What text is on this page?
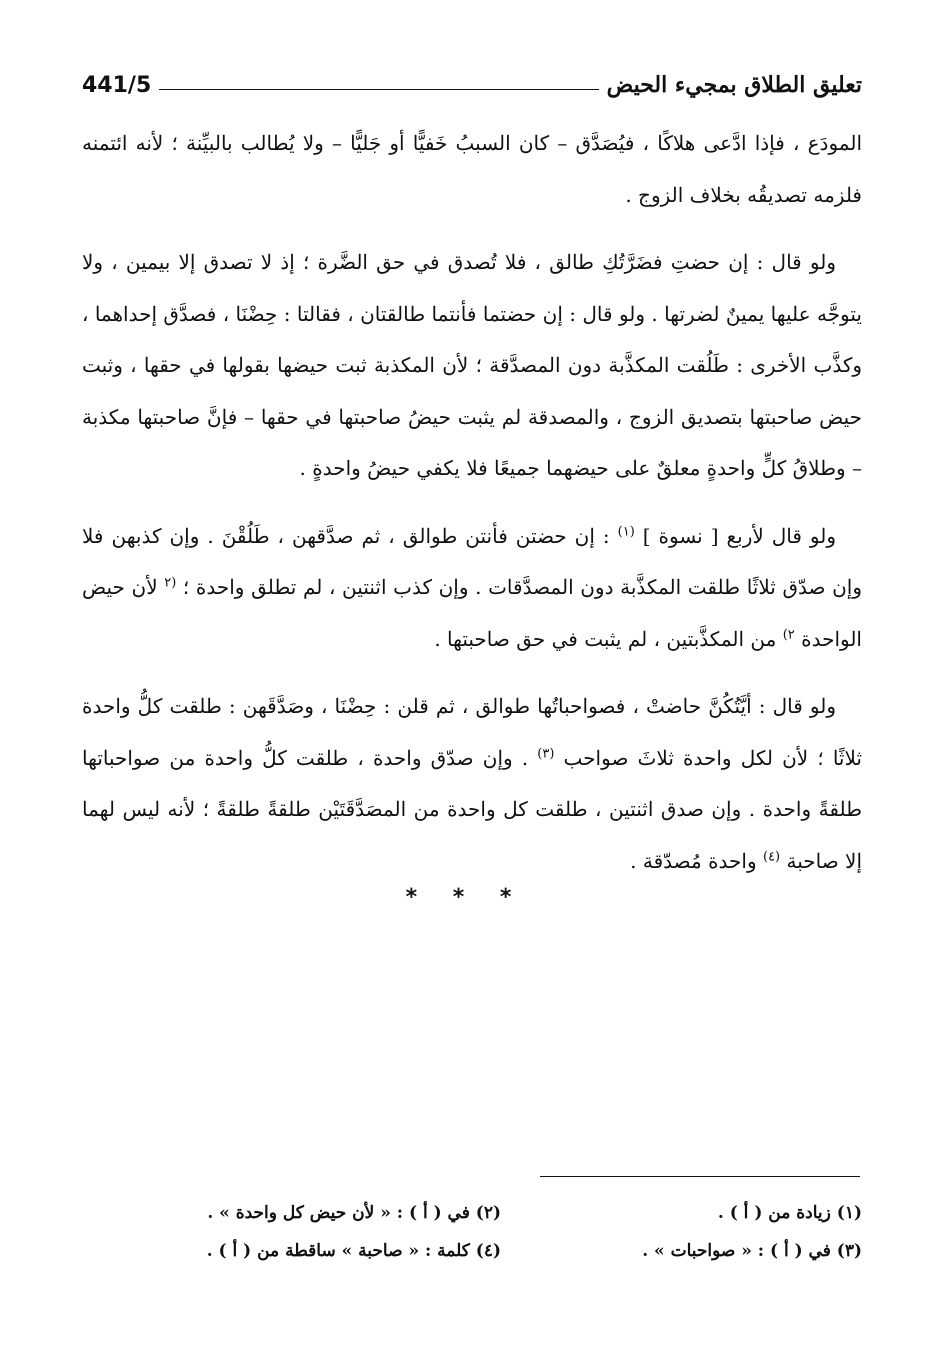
تعليق الطلاق بمجيء الحيض
441/5

المودَع ، فإذا ادَّعى هلاكًا ، فيُصَدَّق – كان السببُ خَفيًّا أو جَليًّا – ولا يُطالب بالبيِّنة ؛ لأنه ائتمنه فلزمه تصديقُه بخلاف الزوج .

ولو قال : إن حضتِ فضَرَّتُكِ طالق ، فلا تُصدق في حق الضَّرة ؛ إذ لا تصدق إلا بيمين ، ولا يتوجَّه عليها يمينٌ لضرتها . ولو قال : إن حضتما فأنتما طالقتان ، فقالتا : حِضْنَا ، فصدَّق إحداهما ، وكذَّب الأخرى : طَلُقت المكذَّبة دون المصدَّقة ؛ لأن المكذبة ثبت حيضها بقولها في حقها ، وثبت حيض صاحبتها بتصديق الزوج ، والمصدقة لم يثبت حيضُ صاحبتها في حقها – فإنَّ صاحبتها مكذبة – وطلاقُ كلٍّ واحدةٍ معلقٌ على حيضهما جميعًا فلا يكفي حيضُ واحدةٍ .

ولو قال لأربع [ نسوة ] $^{(١)}$ : إن حضتن فأنتن طوالق ، ثم صدَّقهن ، طَلُقْنَ . وإن كذبهن فلا وإن صدّق ثلاثًا طلقت المكذَّبة دون المصدَّقات . وإن كذب اثنتين ، لم تطلق واحدة ؛ $^{(٢}$ لأن حيض الواحدة $^{٢)}$ من المكذَّبتين ، لم يثبت في حق صاحبتها .

ولو قال : أيَّتُكُنَّ حاضتْ ، فصواحباتُها طوالق ، ثم قلن : حِضْنَا ، وصَدَّقَهن : طلقت كلُّ واحدة ثلاثًا ؛ لأن لكل واحدة ثلاثَ صواحب $^{(٣)}$ . وإن صدّق واحدة ، طلقت كلُّ واحدة من صواحباتها طلقةً واحدة . وإن صدق اثنتين ، طلقت كل واحدة من المصَدَّقَتَيْن طلقةً طلقةً ؛ لأنه ليس لهما إلا صاحبة $^{(٤)}$ واحدة مُصدّقة .

* * *
(١) زيادة من ( أ ) .
(٢) في ( أ ) : « لأن حيض كل واحدة » .
(٣) في ( أ ) : « صواحبات » .
(٤) كلمة : « صاحبة » ساقطة من ( أ ) .
